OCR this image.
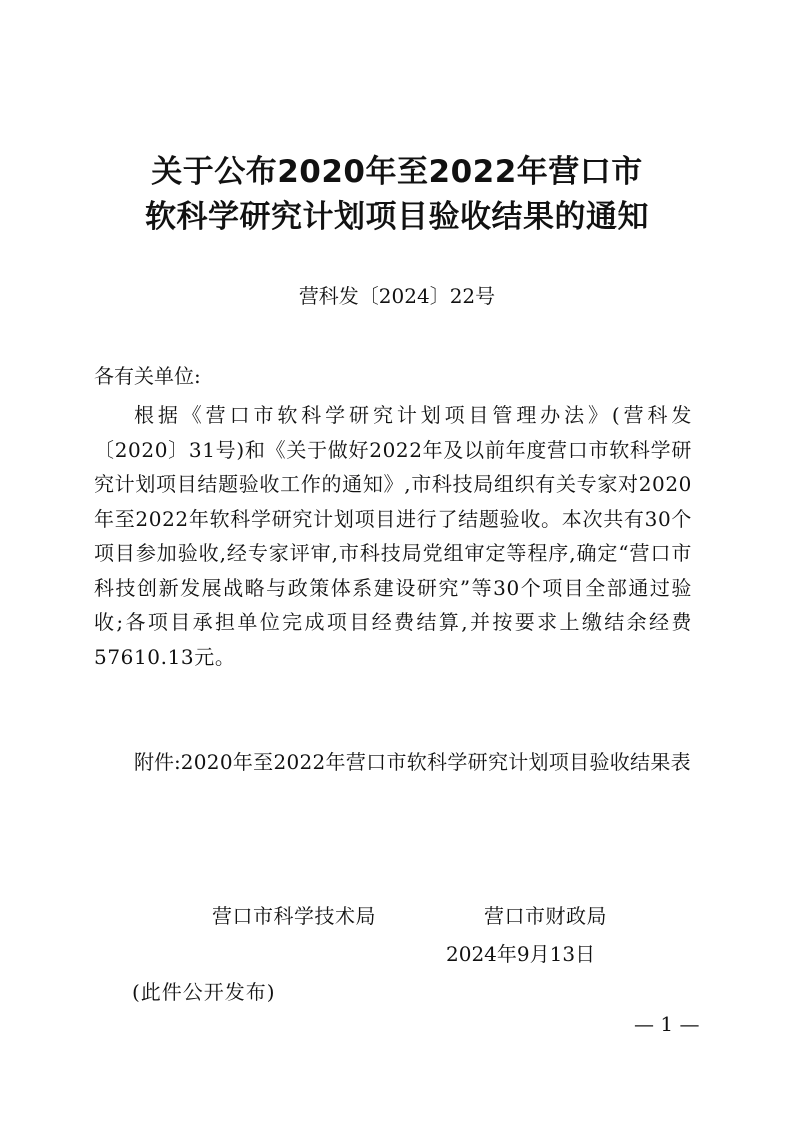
关于公布2020年至2022年营口市
软科学研究计划项目验收结果的通知
营科发〔2024〕22号
各有关单位:

根据《营口市软科学研究计划项目管理办法》(营科发〔2020〕31号)和《关于做好2022年及以前年度营口市软科学研究计划项目结题验收工作的通知》,市科技局组织有关专家对2020年至2022年软科学研究计划项目进行了结题验收。本次共有30个项目参加验收,经专家评审,市科技局党组审定等程序,确定“营口市科技创新发展战略与政策体系建设研究”等30个项目全部通过验收;各项目承担单位完成项目经费结算,并按要求上缴结余经费57610.13元。

附件: 2020年至2022年营口市软科学研究计划项目验收结果表
营口市科学技术局	营口市财政局
2024年9月13日
(此件公开发布)
— 1 —
